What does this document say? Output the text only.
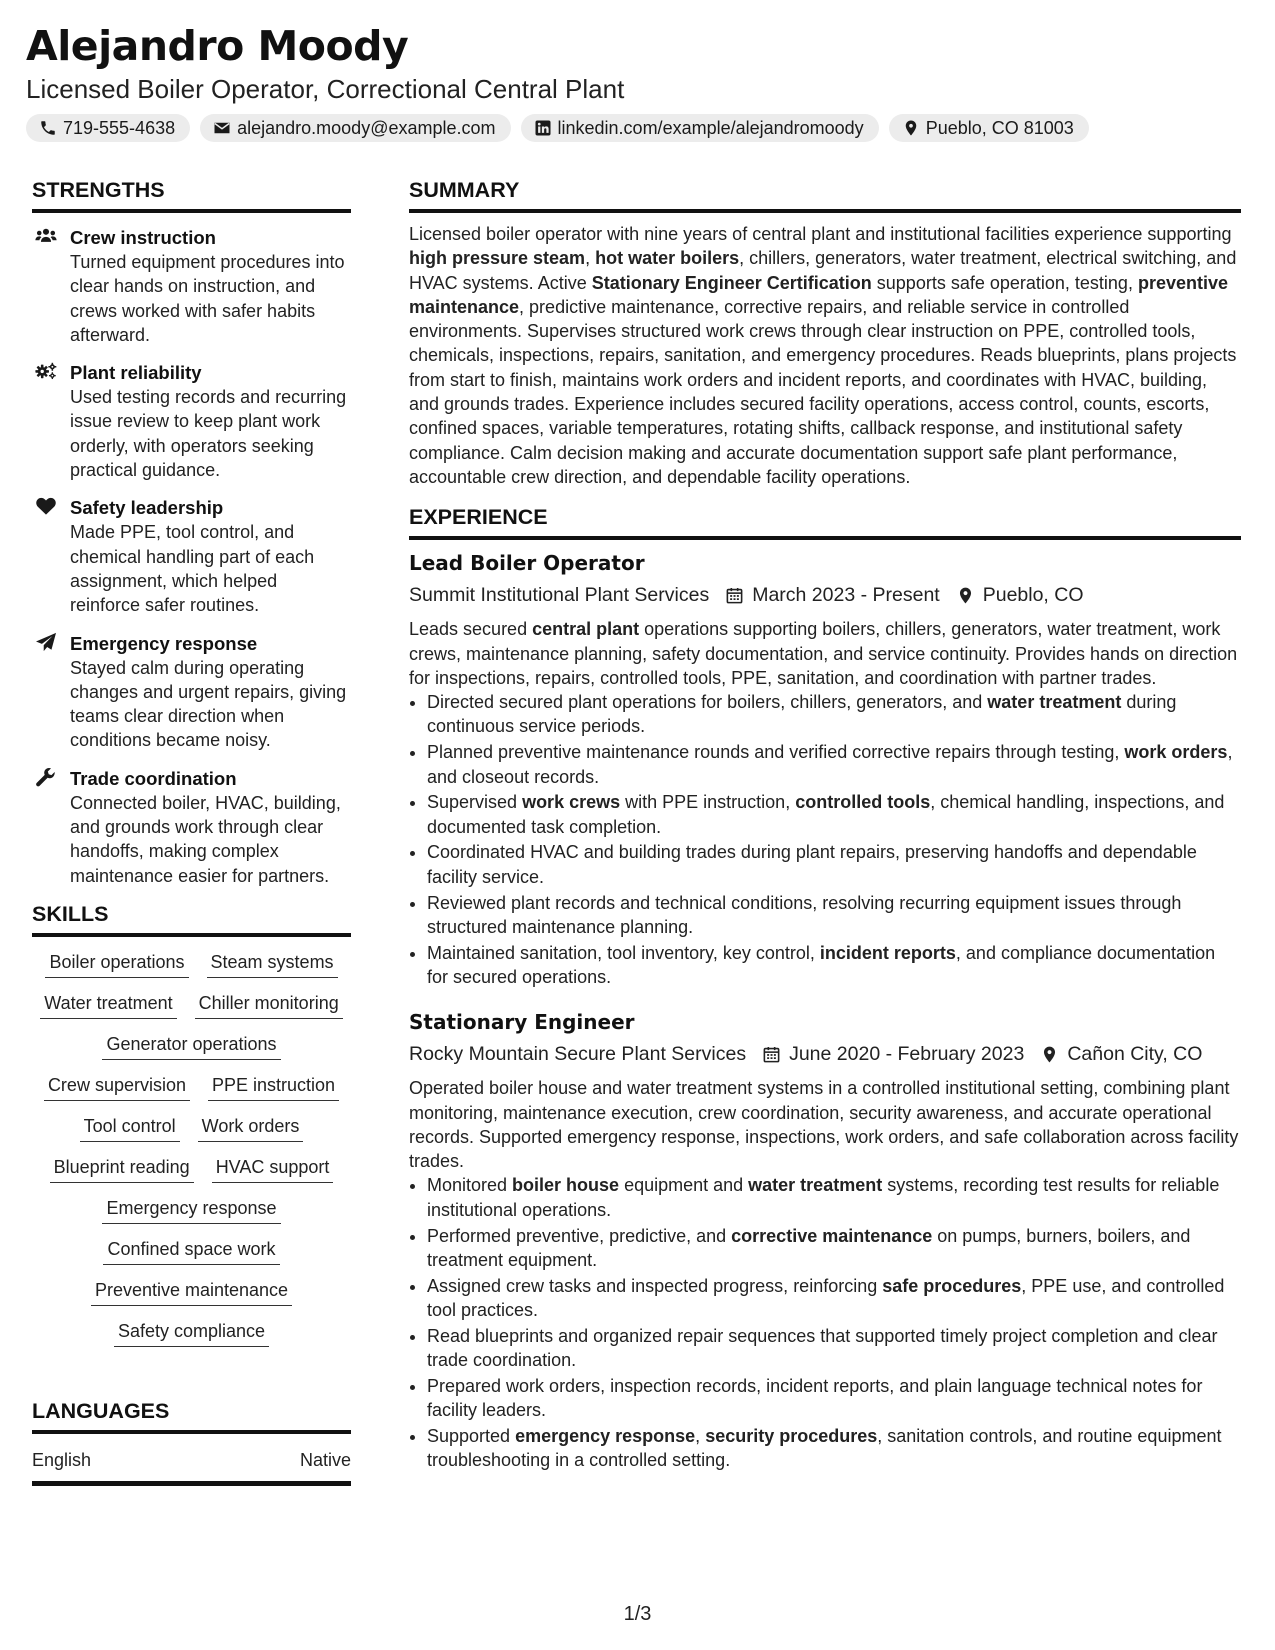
Alejandro Moody
Licensed Boiler Operator, Correctional Central Plant
719-555-4638	alejandro.moody@example.com	linkedin.com/example/alejandromoody	Pueblo, CO 81003
STRENGTHS
Crew instruction
Turned equipment procedures into clear hands on instruction, and crews worked with safer habits afterward.
Plant reliability
Used testing records and recurring issue review to keep plant work orderly, with operators seeking practical guidance.
Safety leadership
Made PPE, tool control, and chemical handling part of each assignment, which helped reinforce safer routines.
Emergency response
Stayed calm during operating changes and urgent repairs, giving teams clear direction when conditions became noisy.
Trade coordination
Connected boiler, HVAC, building, and grounds work through clear handoffs, making complex maintenance easier for partners.
SKILLS
Boiler operations Steam systems
Water treatment Chiller monitoring
Generator operations
Crew supervision PPE instruction
Tool control Work orders
Blueprint reading HVAC support
Emergency response
Confined space work
Preventive maintenance
Safety compliance
LANGUAGES
English	Native
SUMMARY

Licensed boiler operator with nine years of central plant and institutional facilities experience supporting high pressure steam, hot water boilers, chillers, generators, water treatment, electrical switching, and HVAC systems. Active Stationary Engineer Certification supports safe operation, testing, preventive maintenance, predictive maintenance, corrective repairs, and reliable service in controlled environments. Supervises structured work crews through clear instruction on PPE, controlled tools, chemicals, inspections, repairs, sanitation, and emergency procedures. Reads blueprints, plans projects from start to finish, maintains work orders and incident reports, and coordinates with HVAC, building, and grounds trades. Experience includes secured facility operations, access control, counts, escorts, confined spaces, variable temperatures, rotating shifts, callback response, and institutional safety compliance. Calm decision making and accurate documentation support safe plant performance, accountable crew direction, and dependable facility operations.

EXPERIENCE
Lead Boiler Operator
Summit Institutional Plant Services March 2023 - Present Pueblo, CO

Leads secured central plant operations supporting boilers, chillers, generators, water treatment, work crews, maintenance planning, safety documentation, and service continuity. Provides hands on direction for inspections, repairs, controlled tools, PPE, sanitation, and coordination with partner trades.

• Directed secured plant operations for boilers, chillers, generators, and water treatment during continuous service periods.
• Planned preventive maintenance rounds and verified corrective repairs through testing, work orders, and closeout records.
• Supervised work crews with PPE instruction, controlled tools, chemical handling, inspections, and documented task completion.
• Coordinated HVAC and building trades during plant repairs, preserving handoffs and dependable facility service.
• Reviewed plant records and technical conditions, resolving recurring equipment issues through structured maintenance planning.
• Maintained sanitation, tool inventory, key control, incident reports, and compliance documentation for secured operations.
Stationary Engineer
Rocky Mountain Secure Plant Services June 2020 - February 2023 Cañon City, CO

Operated boiler house and water treatment systems in a controlled institutional setting, combining plant monitoring, maintenance execution, crew coordination, security awareness, and accurate operational records. Supported emergency response, inspections, work orders, and safe collaboration across facility trades.

• Monitored boiler house equipment and water treatment systems, recording test results for reliable institutional operations.
• Performed preventive, predictive, and corrective maintenance on pumps, burners, boilers, and treatment equipment.
• Assigned crew tasks and inspected progress, reinforcing safe procedures, PPE use, and controlled tool practices.
• Read blueprints and organized repair sequences that supported timely project completion and clear trade coordination.
• Prepared work orders, inspection records, incident reports, and plain language technical notes for facility leaders.
• Supported emergency response, security procedures, sanitation controls, and routine equipment troubleshooting in a controlled setting.
1/3
